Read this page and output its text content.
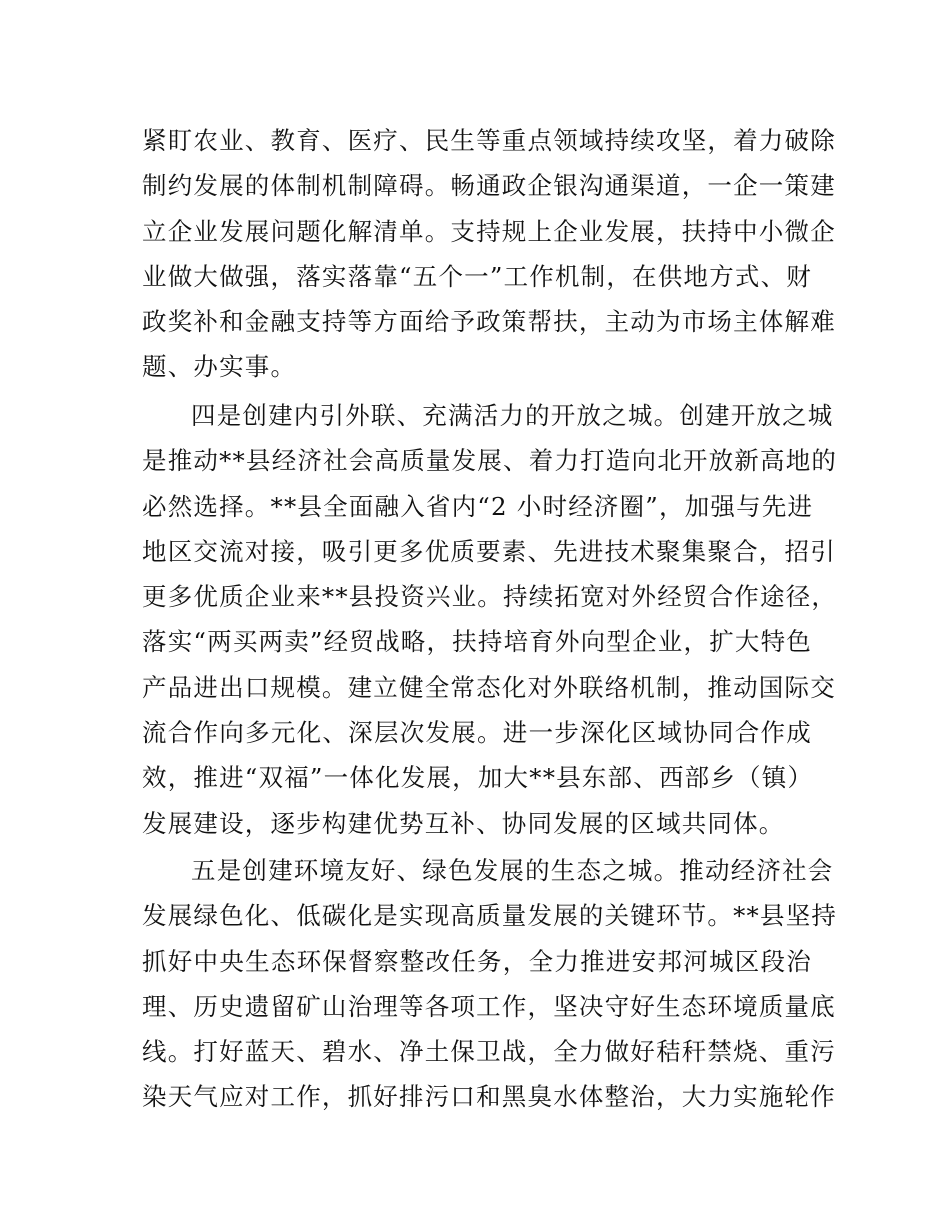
紧盯农业、教育、医疗、民生等重点领域持续攻坚，着力破除
制约发展的体制机制障碍。畅通政企银沟通渠道，一企一策建
立企业发展问题化解清单。支持规上企业发展，扶持中小微企
业做大做强，落实落靠“五个一”工作机制，在供地方式、财
政奖补和金融支持等方面给予政策帮扶，主动为市场主体解难
题、办实事。

四是创建内引外联、充满活力的开放之城。创建开放之城
是推动**县经济社会高质量发展、着力打造向北开放新高地的
必然选择。**县全面融入省内“2 小时经济圈”，加强与先进
地区交流对接，吸引更多优质要素、先进技术聚集聚合，招引
更多优质企业来**县投资兴业。持续拓宽对外经贸合作途径，
落实“两买两卖”经贸战略，扶持培育外向型企业，扩大特色
产品进出口规模。建立健全常态化对外联络机制，推动国际交
流合作向多元化、深层次发展。进一步深化区域协同合作成
效，推进“双福”一体化发展，加大**县东部、西部乡（镇）
发展建设，逐步构建优势互补、协同发展的区域共同体。

五是创建环境友好、绿色发展的生态之城。推动经济社会
发展绿色化、低碳化是实现高质量发展的关键环节。**县坚持
抓好中央生态环保督察整改任务，全力推进安邦河城区段治
理、历史遗留矿山治理等各项工作，坚决守好生态环境质量底
线。打好蓝天、碧水、净土保卫战，全力做好秸秆禁烧、重污
染天气应对工作，抓好排污口和黑臭水体整治，大力实施轮作
